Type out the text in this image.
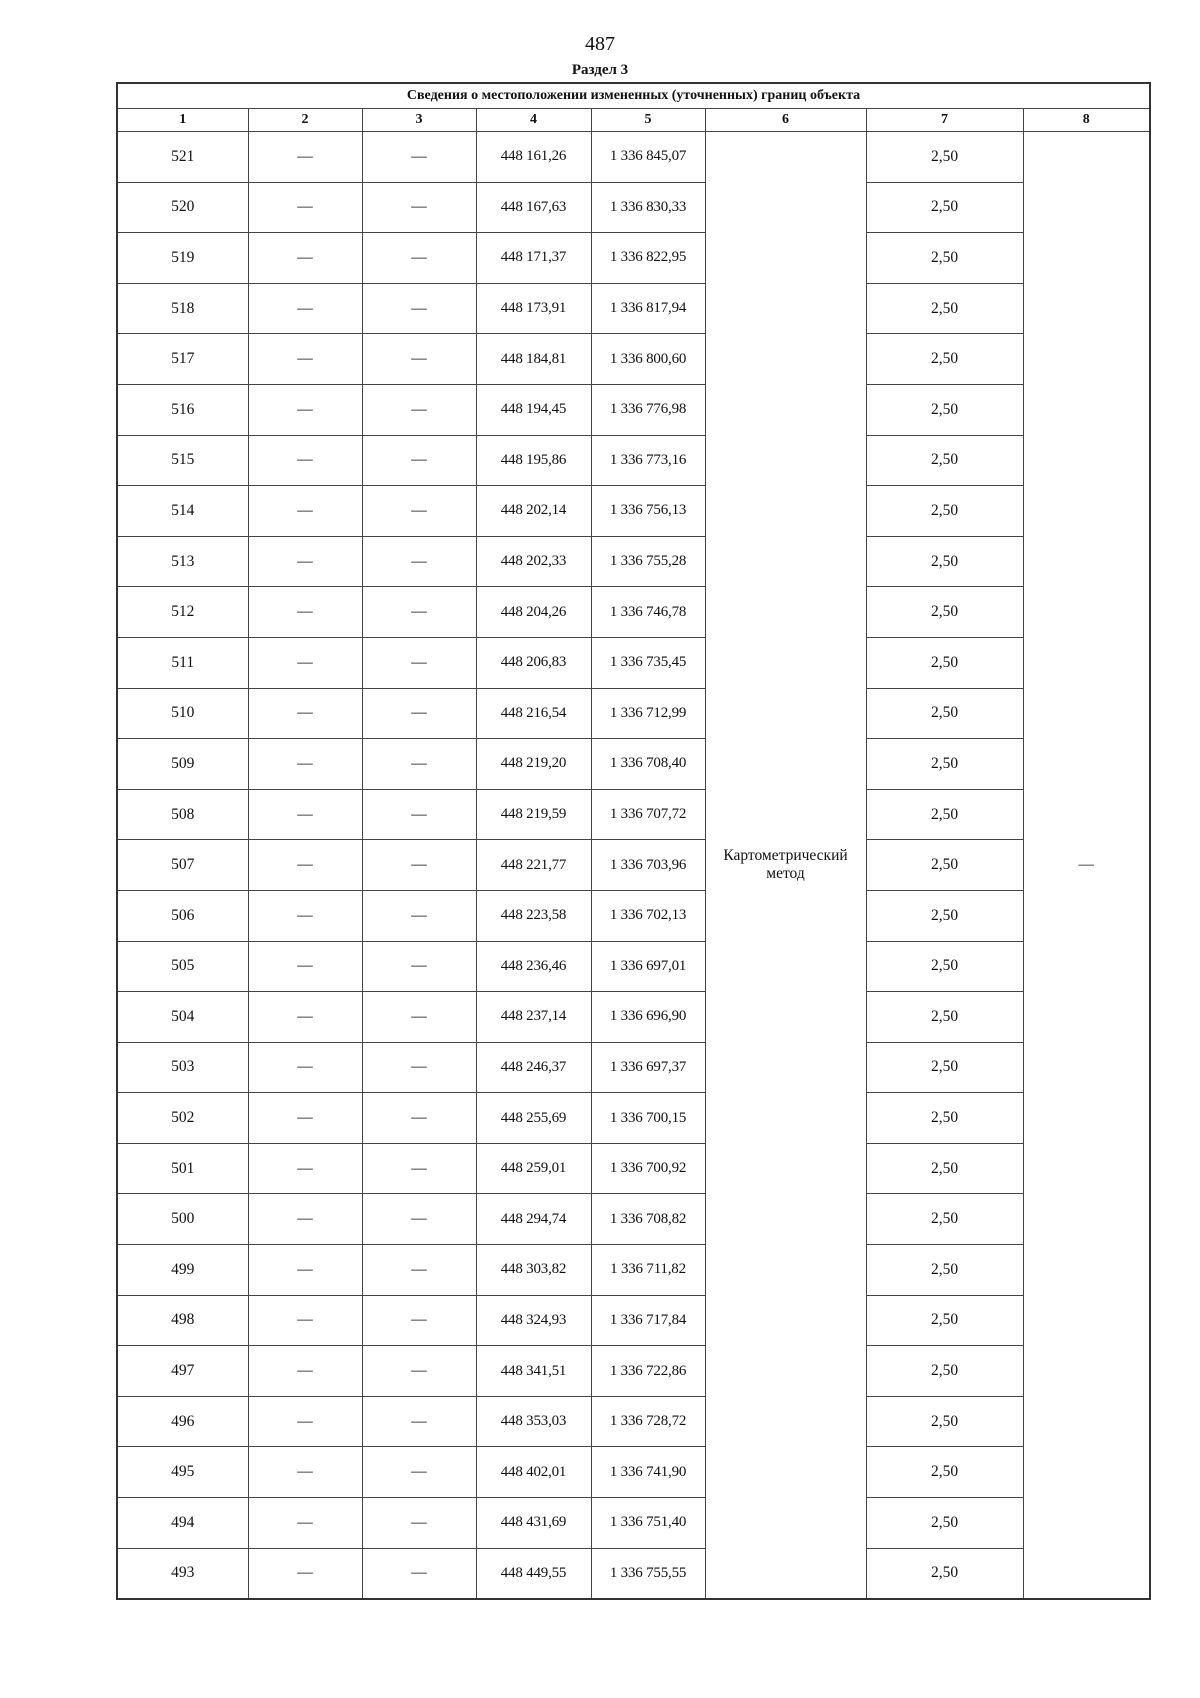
487
Раздел 3
Сведения о местоположении измененных (уточненных) границ объекта							
1	2	3	4	5	6	7	8
521	—	—	448 161,26	1 336 845,07	Картометрический метод	2,50	—
520	—	—	448 167,63	1 336 830,33		2,50	
519	—	—	448 171,37	1 336 822,95		2,50	
518	—	—	448 173,91	1 336 817,94		2,50	
517	—	—	448 184,81	1 336 800,60		2,50	
516	—	—	448 194,45	1 336 776,98		2,50	
515	—	—	448 195,86	1 336 773,16		2,50	
514	—	—	448 202,14	1 336 756,13		2,50	
513	—	—	448 202,33	1 336 755,28		2,50	
512	—	—	448 204,26	1 336 746,78		2,50	
511	—	—	448 206,83	1 336 735,45		2,50	
510	—	—	448 216,54	1 336 712,99		2,50	
509	—	—	448 219,20	1 336 708,40		2,50	
508	—	—	448 219,59	1 336 707,72		2,50	
507	—	—	448 221,77	1 336 703,96		2,50	
506	—	—	448 223,58	1 336 702,13		2,50	
505	—	—	448 236,46	1 336 697,01		2,50	
504	—	—	448 237,14	1 336 696,90		2,50	
503	—	—	448 246,37	1 336 697,37		2,50	
502	—	—	448 255,69	1 336 700,15		2,50	
501	—	—	448 259,01	1 336 700,92		2,50	
500	—	—	448 294,74	1 336 708,82		2,50	
499	—	—	448 303,82	1 336 711,82		2,50	
498	—	—	448 324,93	1 336 717,84		2,50	
497	—	—	448 341,51	1 336 722,86		2,50	
496	—	—	448 353,03	1 336 728,72		2,50	
495	—	—	448 402,01	1 336 741,90		2,50	
494	—	—	448 431,69	1 336 751,40		2,50	
493	—	—	448 449,55	1 336 755,55		2,50	
